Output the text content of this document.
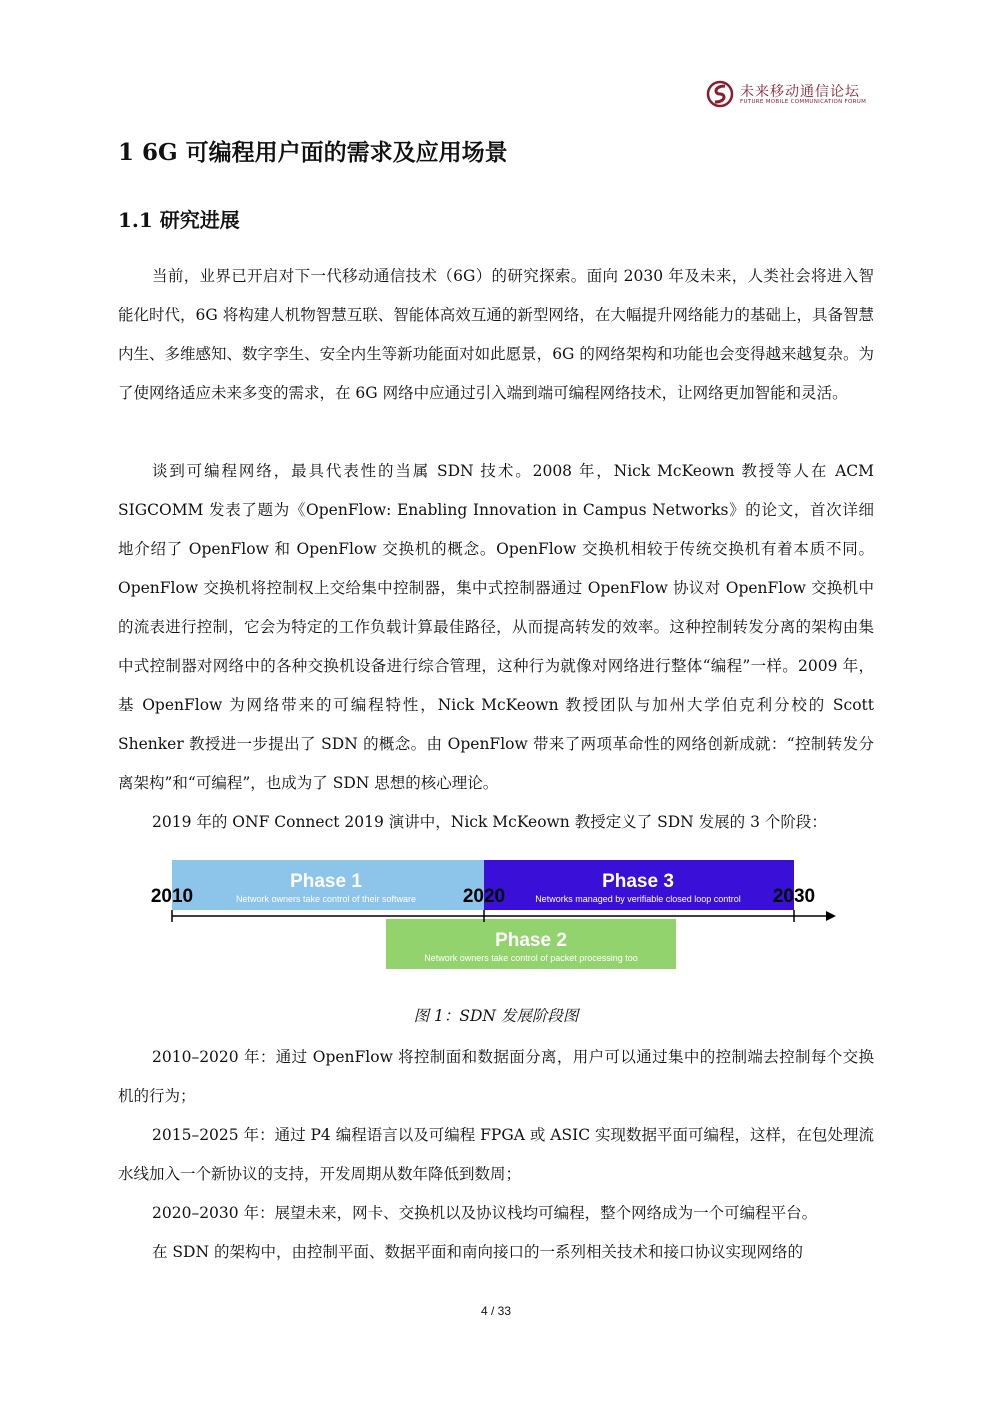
未来移动通信论坛
FUTURE MOBILE COMMUNICATION FORUM
1 6G 可编程用户面的需求及应用场景
1.1 研究进展

当前，业界已开启对下一代移动通信技术（6G）的研究探索。面向 2030 年及未来，人类社会将进入智能化时代，6G 将构建人机物智慧互联、智能体高效互通的新型网络，在大幅提升网络能力的基础上，具备智慧内生、多维感知、数字孪生、安全内生等新功能面对如此愿景，6G 的网络架构和功能也会变得越来越复杂。为了使网络适应未来多变的需求，在 6G 网络中应通过引入端到端可编程网络技术，让网络更加智能和灵活。

谈到可编程网络，最具代表性的当属 SDN 技术。2008 年，Nick McKeown 教授等人在 ACM SIGCOMM 发表了题为《OpenFlow: Enabling Innovation in Campus Networks》的论文，首次详细地介绍了 OpenFlow 和 OpenFlow 交换机的概念。OpenFlow 交换机相较于传统交换机有着本质不同。OpenFlow 交换机将控制权上交给集中控制器，集中式控制器通过 OpenFlow 协议对 OpenFlow 交换机中的流表进行控制，它会为特定的工作负载计算最佳路径，从而提高转发的效率。这种控制转发分离的架构由集中式控制器对网络中的各种交换机设备进行综合管理，这种行为就像对网络进行整体“编程”一样。2009 年，基 OpenFlow 为网络带来的可编程特性，Nick McKeown 教授团队与加州大学伯克利分校的 Scott Shenker 教授进一步提出了 SDN 的概念。由 OpenFlow 带来了两项革命性的网络创新成就：“控制转发分离架构”和“可编程”，也成为了 SDN 思想的核心理论。

2019 年的 ONF Connect 2019 演讲中，Nick McKeown 教授定义了 SDN 发展的 3 个阶段：

Phase 1
Network owners take control of their software
Phase 3
Networks managed by verifiable closed loop control
Phase 2
Network owners take control of packet processing too
2010	2020	2030
图 1：SDN 发展阶段图

2010–2020 年：通过 OpenFlow 将控制面和数据面分离，用户可以通过集中的控制端去控制每个交换机的行为；

2015–2025 年：通过 P4 编程语言以及可编程 FPGA 或 ASIC 实现数据平面可编程，这样，在包处理流水线加入一个新协议的支持，开发周期从数年降低到数周；

2020–2030 年：展望未来，网卡、交换机以及协议栈均可编程，整个网络成为一个可编程平台。

在 SDN 的架构中，由控制平面、数据平面和南向接口的一系列相关技术和接口协议实现网络的

4 / 33
